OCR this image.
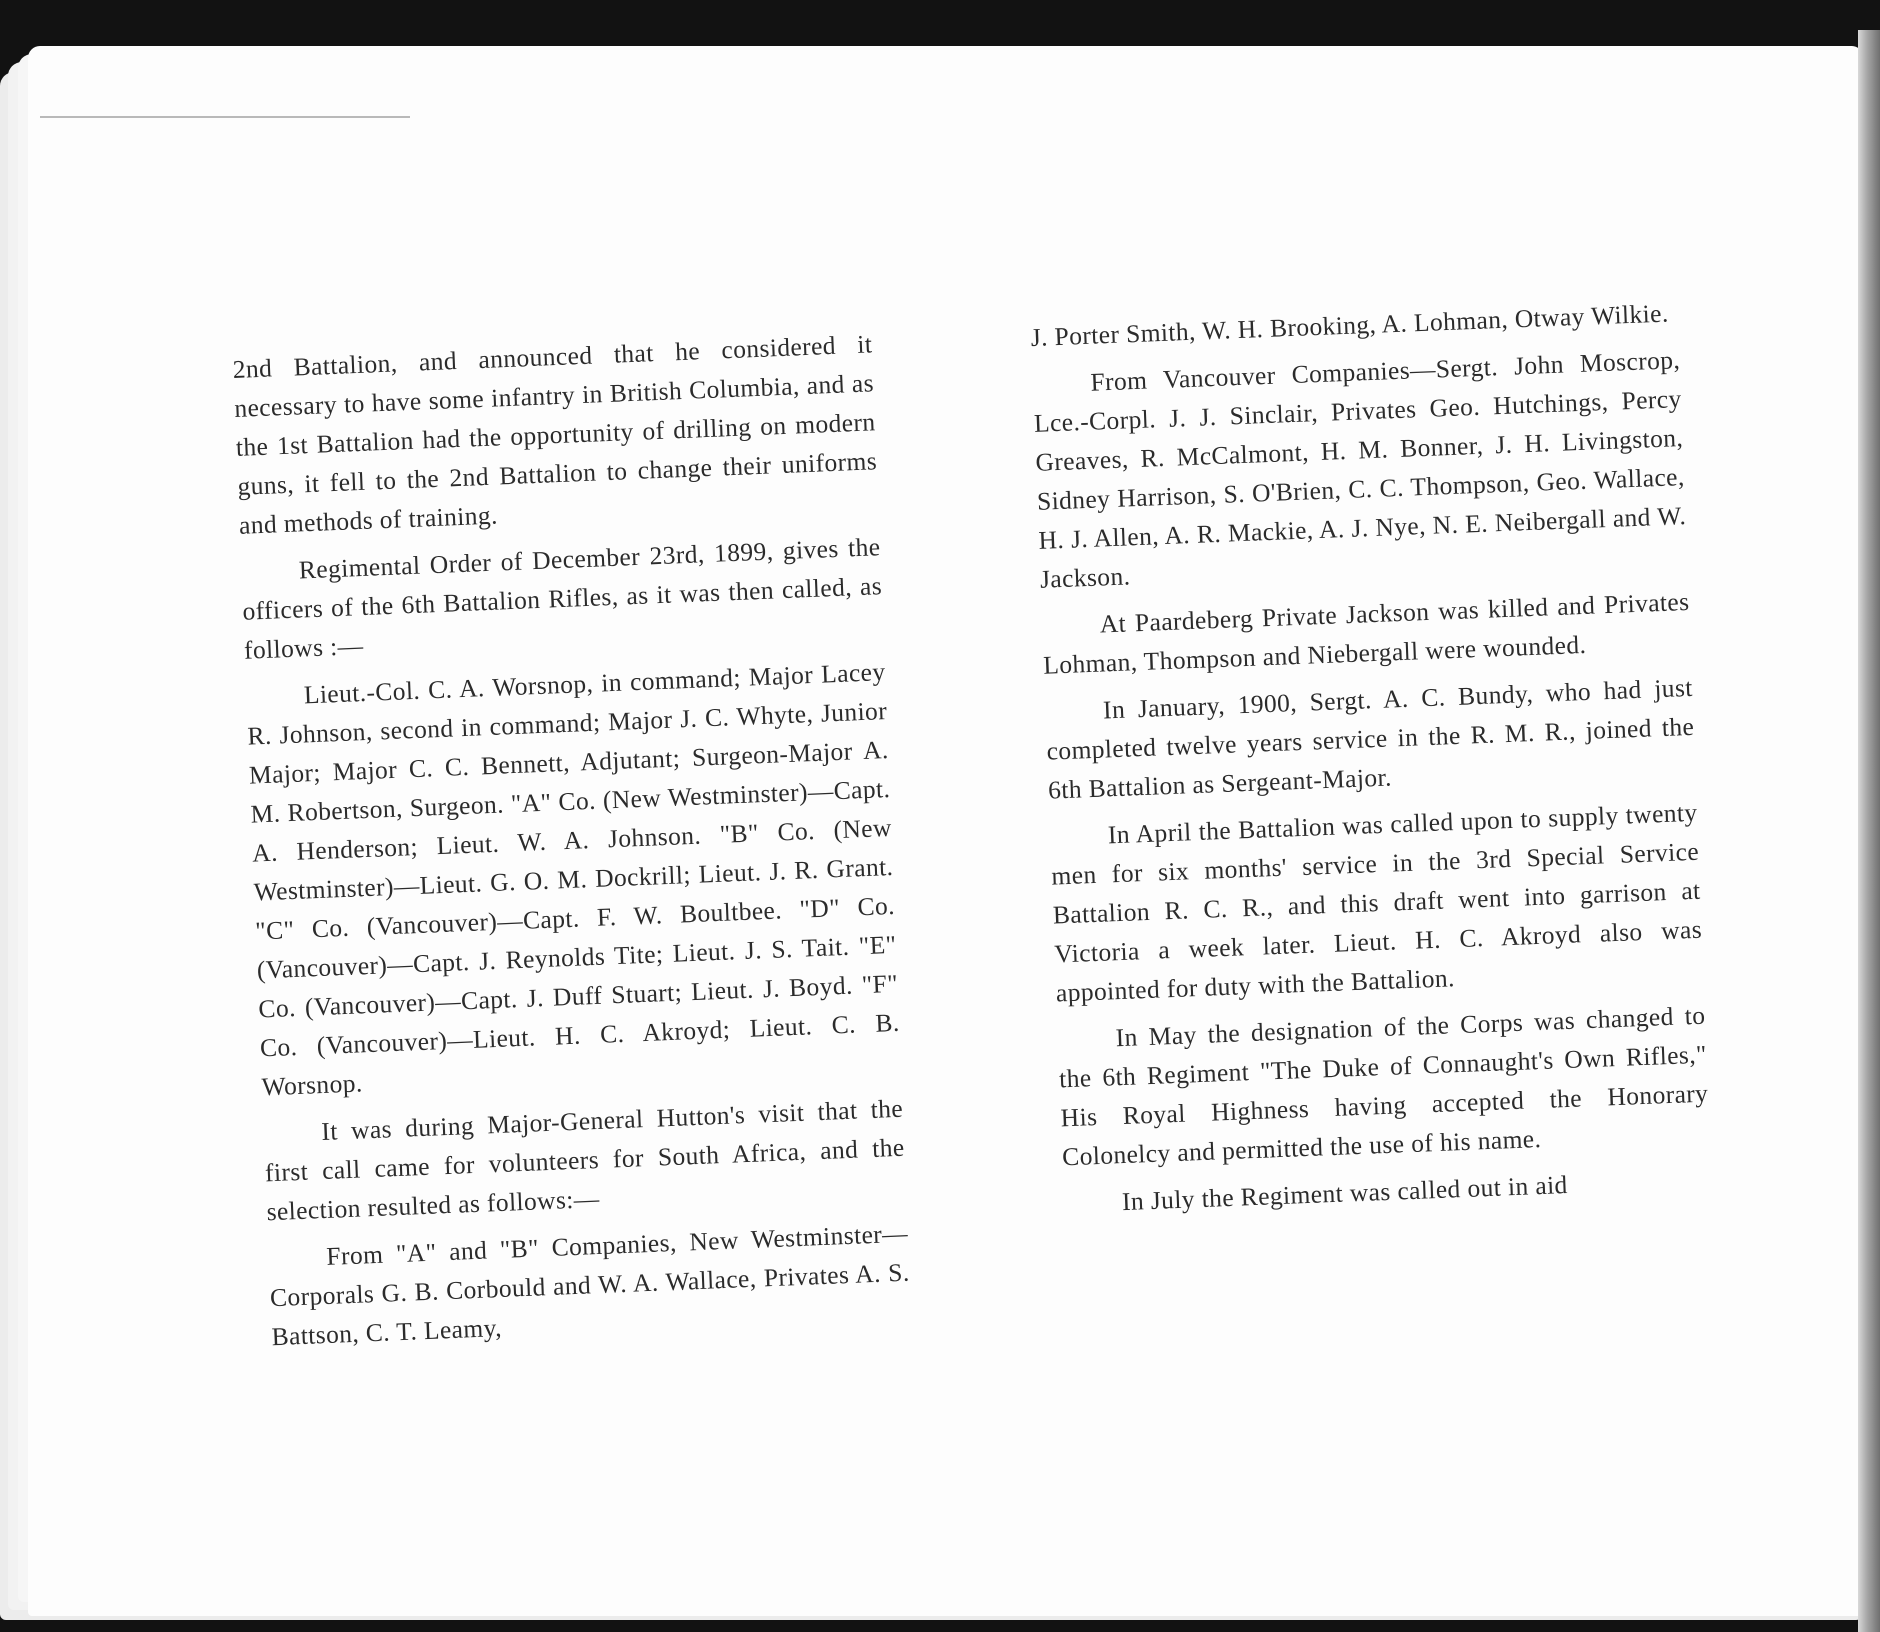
2nd Battalion, and announced that he considered it necessary to have some infantry in British Columbia, and as the 1st Battalion had the opportunity of drilling on modern guns, it fell to the 2nd Battalion to change their uniforms and methods of training.

Regimental Order of December 23rd, 1899, gives the officers of the 6th Battalion Rifles, as it was then called, as follows :—

Lieut.-Col. C. A. Worsnop, in command; Major Lacey R. Johnson, second in command; Major J. C. Whyte, Junior Major; Major C. C. Bennett, Adjutant; Surgeon-Major A. M. Robertson, Surgeon. "A" Co. (New Westminster)—Capt. A. Henderson; Lieut. W. A. Johnson. "B" Co. (New Westminster)—Lieut. G. O. M. Dockrill; Lieut. J. R. Grant. "C" Co. (Vancouver)—Capt. F. W. Boultbee. "D" Co. (Vancouver)—Capt. J. Reynolds Tite; Lieut. J. S. Tait. "E" Co. (Vancouver)—Capt. J. Duff Stuart; Lieut. J. Boyd. "F" Co. (Vancouver)—Lieut. H. C. Akroyd; Lieut. C. B. Worsnop.

It was during Major-General Hutton's visit that the first call came for volunteers for South Africa, and the selection resulted as follows:—

From "A" and "B" Companies, New Westminster—Corporals G. B. Corbould and W. A. Wallace, Privates A. S. Battson, C. T. Leamy,

J. Porter Smith, W. H. Brooking, A. Lohman, Otway Wilkie.

From Vancouver Companies—Sergt. John Moscrop, Lce.-Corpl. J. J. Sinclair, Privates Geo. Hutchings, Percy Greaves, R. McCalmont, H. M. Bonner, J. H. Livingston, Sidney Harrison, S. O'Brien, C. C. Thompson, Geo. Wallace, H. J. Allen, A. R. Mackie, A. J. Nye, N. E. Neibergall and W. Jackson.

At Paardeberg Private Jackson was killed and Privates Lohman, Thompson and Niebergall were wounded.

In January, 1900, Sergt. A. C. Bundy, who had just completed twelve years service in the R. M. R., joined the 6th Battalion as Sergeant-Major.

In April the Battalion was called upon to supply twenty men for six months' service in the 3rd Special Service Battalion R. C. R., and this draft went into garrison at Victoria a week later. Lieut. H. C. Akroyd also was appointed for duty with the Battalion.

In May the designation of the Corps was changed to the 6th Regiment "The Duke of Connaught's Own Rifles," His Royal Highness having accepted the Honorary Colonelcy and permitted the use of his name.

In July the Regiment was called out in aid
